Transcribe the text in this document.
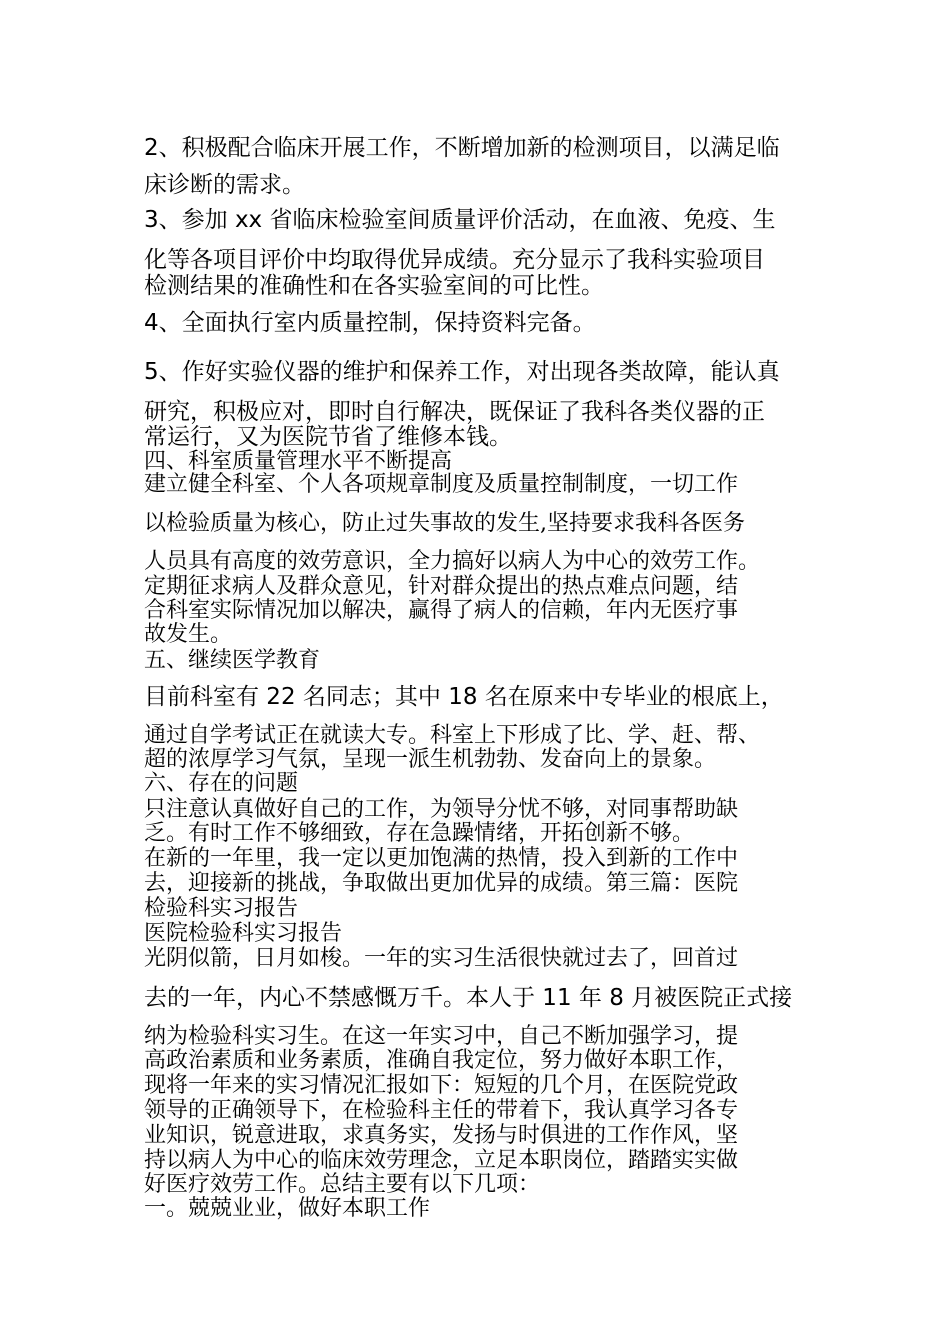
2、积极配合临床开展工作，不断增加新的检测项目，以满足临

床诊断的需求。

3、参加 xx 省临床检验室间质量评价活动，在血液、免疫、生

化等各项目评价中均取得优异成绩。充分显示了我科实验项目

检测结果的准确性和在各实验室间的可比性。

4、全面执行室内质量控制，保持资料完备。

5、作好实验仪器的维护和保养工作，对出现各类故障，能认真

研究，积极应对，即时自行解决，既保证了我科各类仪器的正

常运行，又为医院节省了维修本钱。

四、科室质量管理水平不断提高

建立健全科室、个人各项规章制度及质量控制制度，一切工作

以检验质量为核心，防止过失事故的发生,坚持要求我科各医务

人员具有高度的效劳意识，全力搞好以病人为中心的效劳工作。

定期征求病人及群众意见，针对群众提出的热点难点问题，结

合科室实际情况加以解决，赢得了病人的信赖，年内无医疗事

故发生。

五、继续医学教育

目前科室有 22 名同志；其中 18 名在原来中专毕业的根底上，

通过自学考试正在就读大专。科室上下形成了比、学、赶、帮、

超的浓厚学习气氛，呈现一派生机勃勃、发奋向上的景象。

六、存在的问题

只注意认真做好自己的工作，为领导分忧不够，对同事帮助缺

乏。有时工作不够细致，存在急躁情绪，开拓创新不够。

在新的一年里，我一定以更加饱满的热情，投入到新的工作中

去，迎接新的挑战，争取做出更加优异的成绩。第三篇：医院

检验科实习报告

医院检验科实习报告

光阴似箭，日月如梭。一年的实习生活很快就过去了，回首过

去的一年，内心不禁感慨万千。本人于 11 年 8 月被医院正式接

纳为检验科实习生。在这一年实习中，自己不断加强学习，提

高政治素质和业务素质，准确自我定位，努力做好本职工作，

现将一年来的实习情况汇报如下：短短的几个月，在医院党政

领导的正确领导下，在检验科主任的带着下，我认真学习各专

业知识，锐意进取，求真务实，发扬与时俱进的工作作风，坚

持以病人为中心的临床效劳理念，立足本职岗位，踏踏实实做

好医疗效劳工作。总结主要有以下几项：

一。兢兢业业，做好本职工作
